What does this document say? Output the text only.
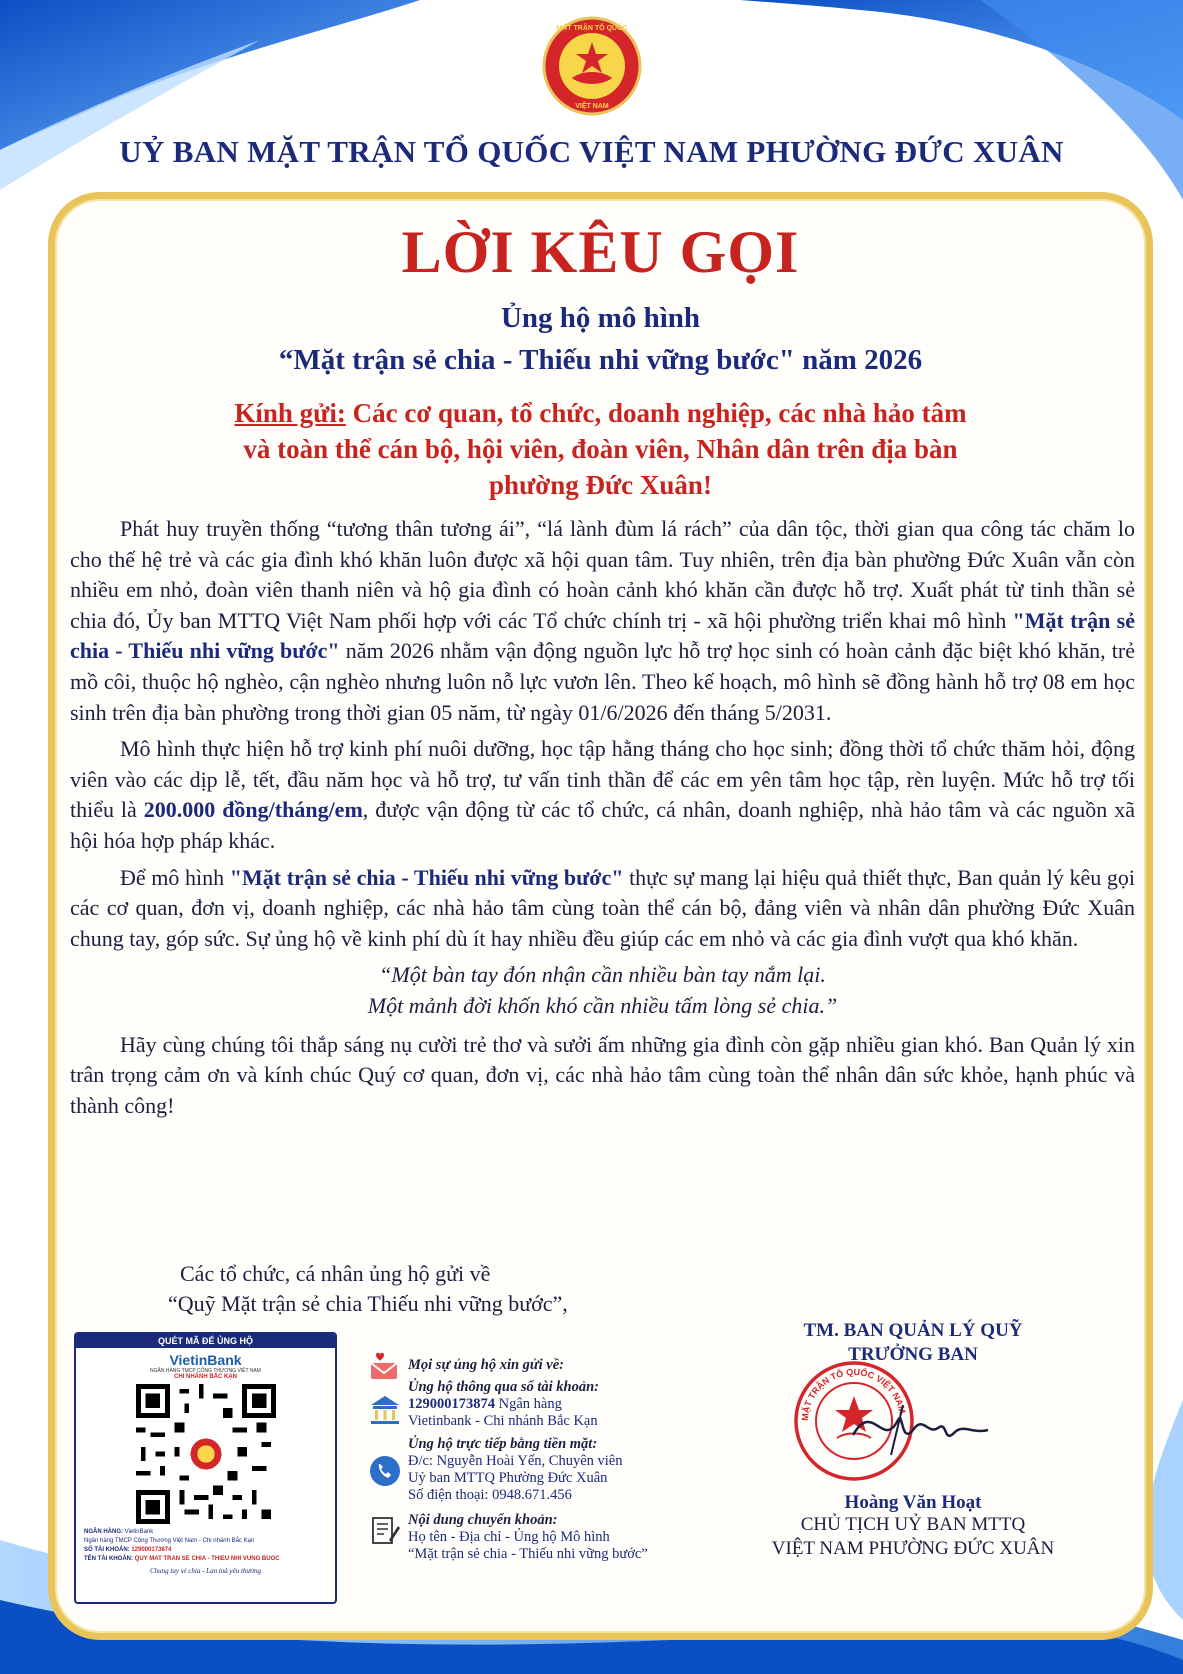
MẶT TRẬN TỔ QUỐC
VIỆT NAM
UỶ BAN MẶT TRẬN TỔ QUỐC VIỆT NAM PHƯỜNG ĐỨC XUÂN
LỜI KÊU GỌI
Ủng hộ mô hình
“Mặt trận sẻ chia - Thiếu nhi vững bước" năm 2026
Kính gửi: Các cơ quan, tổ chức, doanh nghiệp, các nhà hảo tâm
và toàn thể cán bộ, hội viên, đoàn viên, Nhân dân trên địa bàn
phường Đức Xuân!

Phát huy truyền thống “tương thân tương ái”, “lá lành đùm lá rách” của dân tộc, thời gian qua công tác chăm lo cho thế hệ trẻ và các gia đình khó khăn luôn được xã hội quan tâm. Tuy nhiên, trên địa bàn phường Đức Xuân vẫn còn nhiều em nhỏ, đoàn viên thanh niên và hộ gia đình có hoàn cảnh khó khăn cần được hỗ trợ. Xuất phát từ tinh thần sẻ chia đó, Ủy ban MTTQ Việt Nam phối hợp với các Tổ chức chính trị - xã hội phường triển khai mô hình "Mặt trận sẻ chia - Thiếu nhi vững bước" năm 2026 nhằm vận động nguồn lực hỗ trợ học sinh có hoàn cảnh đặc biệt khó khăn, trẻ mồ côi, thuộc hộ nghèo, cận nghèo nhưng luôn nỗ lực vươn lên. Theo kế hoạch, mô hình sẽ đồng hành hỗ trợ 08 em học sinh trên địa bàn phường trong thời gian 05 năm, từ ngày 01/6/2026 đến tháng 5/2031.

Mô hình thực hiện hỗ trợ kinh phí nuôi dưỡng, học tập hằng tháng cho học sinh; đồng thời tổ chức thăm hỏi, động viên vào các dịp lễ, tết, đầu năm học và hỗ trợ, tư vấn tinh thần để các em yên tâm học tập, rèn luyện. Mức hỗ trợ tối thiểu là 200.000 đồng/tháng/em, được vận động từ các tổ chức, cá nhân, doanh nghiệp, nhà hảo tâm và các nguồn xã hội hóa hợp pháp khác.

Để mô hình "Mặt trận sẻ chia - Thiếu nhi vững bước" thực sự mang lại hiệu quả thiết thực, Ban quản lý kêu gọi các cơ quan, đơn vị, doanh nghiệp, các nhà hảo tâm cùng toàn thể cán bộ, đảng viên và nhân dân phường Đức Xuân chung tay, góp sức. Sự ủng hộ về kinh phí dù ít hay nhiều đều giúp các em nhỏ và các gia đình vượt qua khó khăn.

“Một bàn tay đón nhận cần nhiều bàn tay nắm lại.
Một mảnh đời khốn khó cần nhiều tấm lòng sẻ chia.”

Hãy cùng chúng tôi thắp sáng nụ cười trẻ thơ và sưởi ấm những gia đình còn gặp nhiều gian khó. Ban Quản lý xin trân trọng cảm ơn và kính chúc Quý cơ quan, đơn vị, các nhà hảo tâm cùng toàn thể nhân dân sức khỏe, hạnh phúc và thành công!

Các tổ chức, cá nhân ủng hộ gửi về
“Quỹ Mặt trận sẻ chia Thiếu nhi vững bước”,
QUÉT MÃ ĐỂ ỦNG HỘ
VietinBank
NGÂN HÀNG TMCP CÔNG THƯƠNG VIỆT NAM
CHI NHÁNH BẮC KẠN
NGÂN HÀNG: VietinBank
Ngân hàng TMCP Công Thương Việt Nam - Chi nhánh Bắc Kạn
SỐ TÀI KHOẢN: 129000173874
TÊN TÀI KHOẢN: QUY MAT TRAN SE CHIA - THIEU NHI VUNG BUOC
Chung tay sẻ chia - Lan toả yêu thương
Mọi sự ủng hộ xin gửi về:
Ủng hộ thông qua số tài khoản:
129000173874 Ngân hàng
Vietinbank - Chi nhánh Bắc Kạn
Ủng hộ trực tiếp bằng tiền mặt:
Đ/c: Nguyễn Hoài Yến, Chuyên viên
Uỷ ban MTTQ Phường Đức Xuân
Số điện thoại: 0948.671.456
Nội dung chuyển khoản:
Họ tên - Địa chỉ - Ủng hộ Mô hình
“Mặt trận sẻ chia - Thiếu nhi vững bước”
TM. BAN QUẢN LÝ QUỸ
TRƯỞNG BAN
MẶT TRẬN TỔ QUỐC VIỆT NAM
Hoàng Văn Hoạt
CHỦ TỊCH UỶ BAN MTTQ
VIỆT NAM PHƯỜNG ĐỨC XUÂN
